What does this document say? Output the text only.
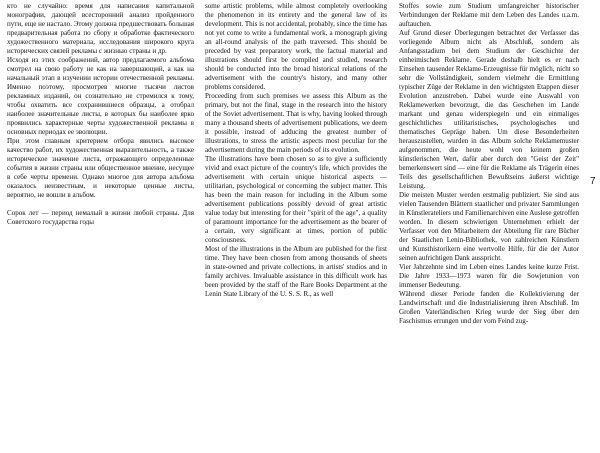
кто не случайно: время для написания капитальной монографии, дающей всесторонний анализ пройденного пути, еще не настало. Этому должна предшествовать большая предварительная работа по сбору и обработке фактического художественного материала, исследования широкого круга исторических связей рекламы с жизнью страны и др.

Исходя из этих соображений, автор предлагаемого альбома смотрел на свою работу не как на завершающий, а как на начальный этап в изучении истории отечественной рекламы. Именно поэтому, просмотрев многие тысячи листов рекламных изданий, он сознательно не стремился к тому, чтобы охватить все сохранившиеся образцы, а отобрал наиболее значительные листы, в которых бы наиболее ярко проявились характерные черты художественной рекламы в основных периодах ее эволюции.

При этом главным критерием отбора явились высокое качество работ, их художественная выразительность, а также историческое значение листа, отражающего определенные события в жизни страны или общественное мнение, несущее в себе черты времени. Однако многое для автора альбома оказалось неизвестным, и некоторые ценные листы, вероятно, не вошли в альбом.

Сорок лет — период немалый в жизни любой страны. Для Советского государства годы

some artistic problems, while almost completely overlooking the phenomenon in its entirety and the general law of its development. This is not accidental, probably, since the time has not yet come to write a fundamental work, a monograph giving an all-round analysis of the path traversed. This should be preceded by vast preparatory work, the factual material and illustrations should first be compiled and studied, research should be conducted into the broad historical relations of the advertisement with the country's history, and many other problems considered.

Proceeding from such premises we assess this Album as the primary, but not the final, stage in the research into the history of the Soviet advertisement. That is why, having looked through many a thousand sheets of advertisement publications, we deem it possible, instead of adducing the greatest number of illustrations, to stress the artistic aspects most peculiar for the advertisement during the main periods of its evolution.

The illustrations have been chosen so as to give a sufficiently vivid and exact picture of the country's life, which provides the advertisement with certain unique historical aspects — utilitarian, psychological or concerning the subject matter. This has been the main reason for including in the Album some advertisement publications possibly devoid of great artistic value today but interesting for their "spirit of the age", a quality of paramount importance for the advertisement as the bearer of a certain, very significant at times, portion of public consciousness.

Most of the illustrations in the Album are published for the first time. They have been chosen from among thousands of sheets in state-owned and private collections, in artists' studios and in family archives. Invaluable assistance in this difficult work has been provided by the staff of the Rare Books Department at the Lenin State Library of the U. S. S. R., as well

Stoffes sowie zum Studium umfangreicher historischer Verbindungen der Reklame mit dem Leben des Landes u.a.m. auftauchen.

Auf Grund dieser Überlegungen betrachtet der Verfasser das vorliegende Album nicht als Abschluß, sondern als Anfangsstadium bei dem Studium der Geschichte der einheimischen Reklame. Gerade deshalb hielt es er nach Einsehen tausender Reklame-Erzeugnisse für möglich, nicht so sehr die Vollständigkeit, sondern vielmehr die Ermittlung typischer Züge der Reklame in den wichtigsten Etappen dieser Evolution anzustreben. Dabei wurde eine Auswahl von Reklamewerken bevorzugt, die das Geschehen im Lande markant und genau widerspiegeln und ein einmaliges geschichtliches utilitaristisches, psychologisches und thematisches Gepräge haben. Um diese Besonderheiten herauszustellen, wurden in das Album solche Reklamemuster aufgenommen, die heute wohl von keinem großen künstlerischen Wert, dafür aber durch den "Geist der Zeit" bemerkenswert sind — eine für die Reklame als Trägerin eines Teils des gesellschaftlichen Bewußtseins äußerst wichtige Leistung.

Die meisten Muster werden erstmalig publiziert. Sie sind aus vielen Tausenden Blättern staatlicher und privater Sammlungen in Künstlerateliers und Familienarchiven eine Auslese getroffen worden. In diesem schwierigen Unternehmen erhielt der Verfasser von den Mitarbeitern der Abteilung für rare Bücher der Staatlichen Lenin-Bibliothek, von zahlreichen Künstlern und Kunsthistorikern eine wertvolle Hilfe, für die der Autor seinen aufrichtigen Dank ausspricht.

Vier Jahrzehnte sind im Leben eines Landes keine kurze Frist. Die Jahre 1933—1973 waren für die Sowjetunion von immenser Bedeutung.

Während dieser Periode fanden die Kollektivierung der Landwirtschaft und die Industrialisierung ihren Abschluß. Im Großen Vaterländischen Krieg wurde der Sieg über den Faschismus errungen und der vom Feind zug-

7
